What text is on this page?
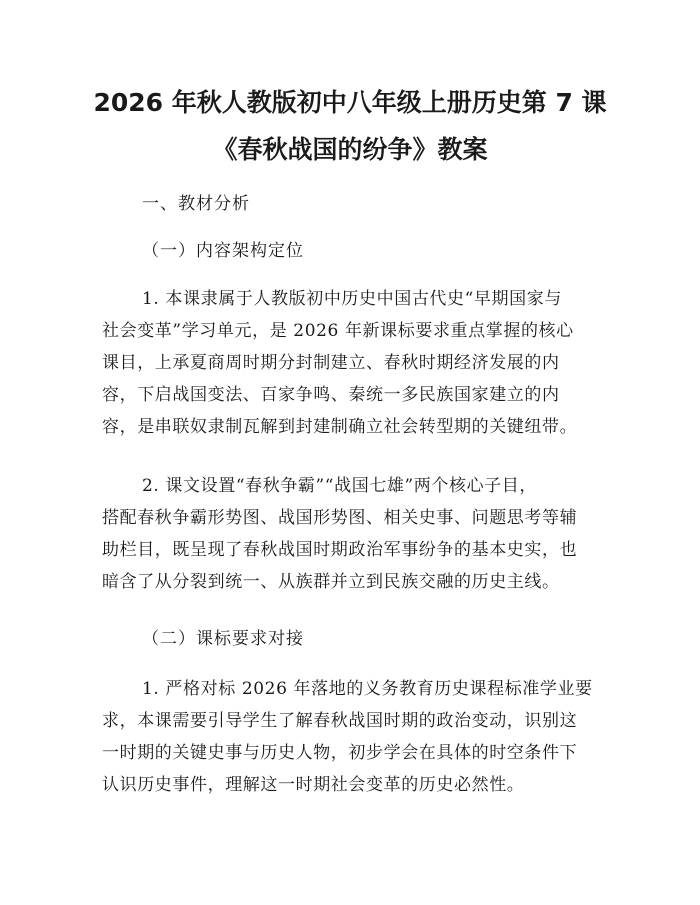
2026 年秋人教版初中八年级上册历史第 7 课
《春秋战国的纷争》教案
一、教材分析
（一）内容架构定位
1. 本课隶属于人教版初中历史中国古代史“早期国家与
社会变革”学习单元，是 2026 年新课标要求重点掌握的核心
课目，上承夏商周时期分封制建立、春秋时期经济发展的内
容，下启战国变法、百家争鸣、秦统一多民族国家建立的内
容，是串联奴隶制瓦解到封建制确立社会转型期的关键纽带。
2. 课文设置“春秋争霸”“战国七雄”两个核心子目，
搭配春秋争霸形势图、战国形势图、相关史事、问题思考等辅
助栏目，既呈现了春秋战国时期政治军事纷争的基本史实，也
暗含了从分裂到统一、从族群并立到民族交融的历史主线。
（二）课标要求对接
1. 严格对标 2026 年落地的义务教育历史课程标准学业要
求，本课需要引导学生了解春秋战国时期的政治变动，识别这
一时期的关键史事与历史人物，初步学会在具体的时空条件下
认识历史事件，理解这一时期社会变革的历史必然性。
